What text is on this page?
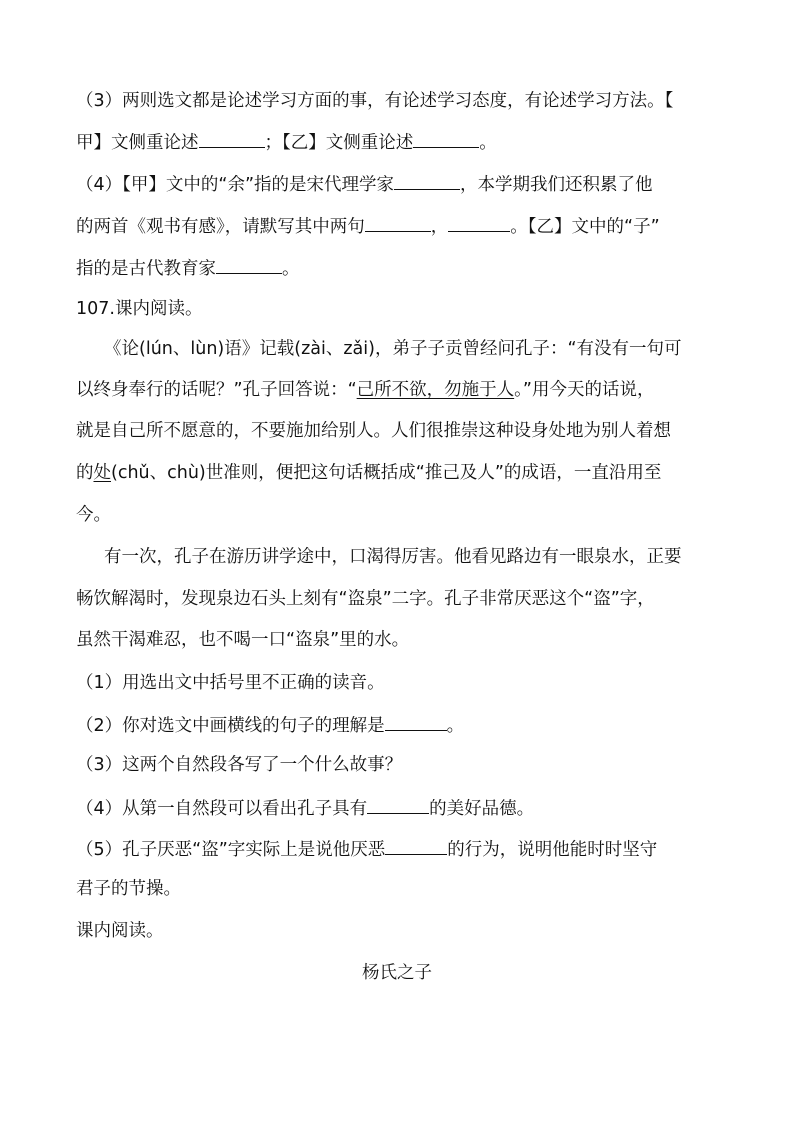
（3）两则选文都是论述学习方面的事，有论述学习态度，有论述学习方法。【
甲】文侧重论述	；【乙】文侧重论述	。
（4）【甲】文中的“余”指的是宋代理学家	，本学期我们还积累了他
的两首《观书有感》，请默写其中两句	，	。【乙】文中的“子”
指的是古代教育家	。
107.课内阅读。
《论(lún、lùn)语》记载(zài、zǎi)，弟子子贡曾经问孔子：“有没有一句可
以终身奉行的话呢？”孔子回答说：“己所不欲，勿施于人。”用今天的话说，
就是自己所不愿意的，不要施加给别人。人们很推崇这种设身处地为别人着想
的处(chǔ、chù)世准则，便把这句话概括成“推己及人”的成语，一直沿用至
今。
有一次，孔子在游历讲学途中，口渴得厉害。他看见路边有一眼泉水，正要
畅饮解渴时，发现泉边石头上刻有“盗泉”二字。孔子非常厌恶这个“盗”字，
虽然干渴难忍，也不喝一口“盗泉”里的水。
（1）用选出文中括号里不正确的读音。
（2）你对选文中画横线的句子的理解是	。
（3）这两个自然段各写了一个什么故事？
（4）从第一自然段可以看出孔子具有	的美好品德。
（5）孔子厌恶“盗”字实际上是说他厌恶	的行为，说明他能时时坚守
君子的节操。
课内阅读。
杨氏之子
